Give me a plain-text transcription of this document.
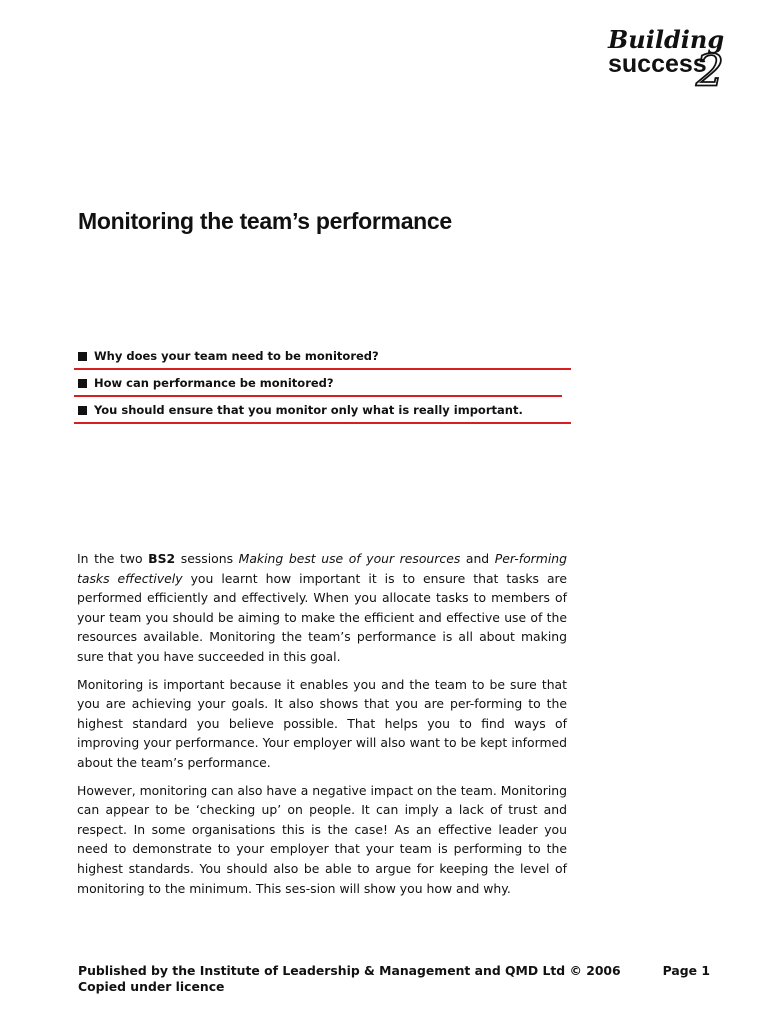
Building
success
2
Monitoring the team’s performance
Why does your team need to be monitored?
How can performance be monitored?
You should ensure that you monitor only what is really important.

In the two BS2 sessions Making best use of your resources and Per-forming tasks effectively you learnt how important it is to ensure that tasks are performed efficiently and effectively. When you allocate tasks to members of your team you should be aiming to make the efficient and effective use of the resources available. Monitoring the team’s performance is all about making sure that you have succeeded in this goal.

Monitoring is important because it enables you and the team to be sure that you are achieving your goals. It also shows that you are per-forming to the highest standard you believe possible. That helps you to find ways of improving your performance. Your employer will also want to be kept informed about the team’s performance.

However, monitoring can also have a negative impact on the team. Monitoring can appear to be ‘checking up’ on people. It can imply a lack of trust and respect. In some organisations this is the case! As an effective leader you need to demonstrate to your employer that your team is performing to the highest standards. You should also be able to argue for keeping the level of monitoring to the minimum. This ses-sion will show you how and why.

Published by the Institute of Leadership & Management and QMD Ltd © 2006	Page 1
Copied under licence
